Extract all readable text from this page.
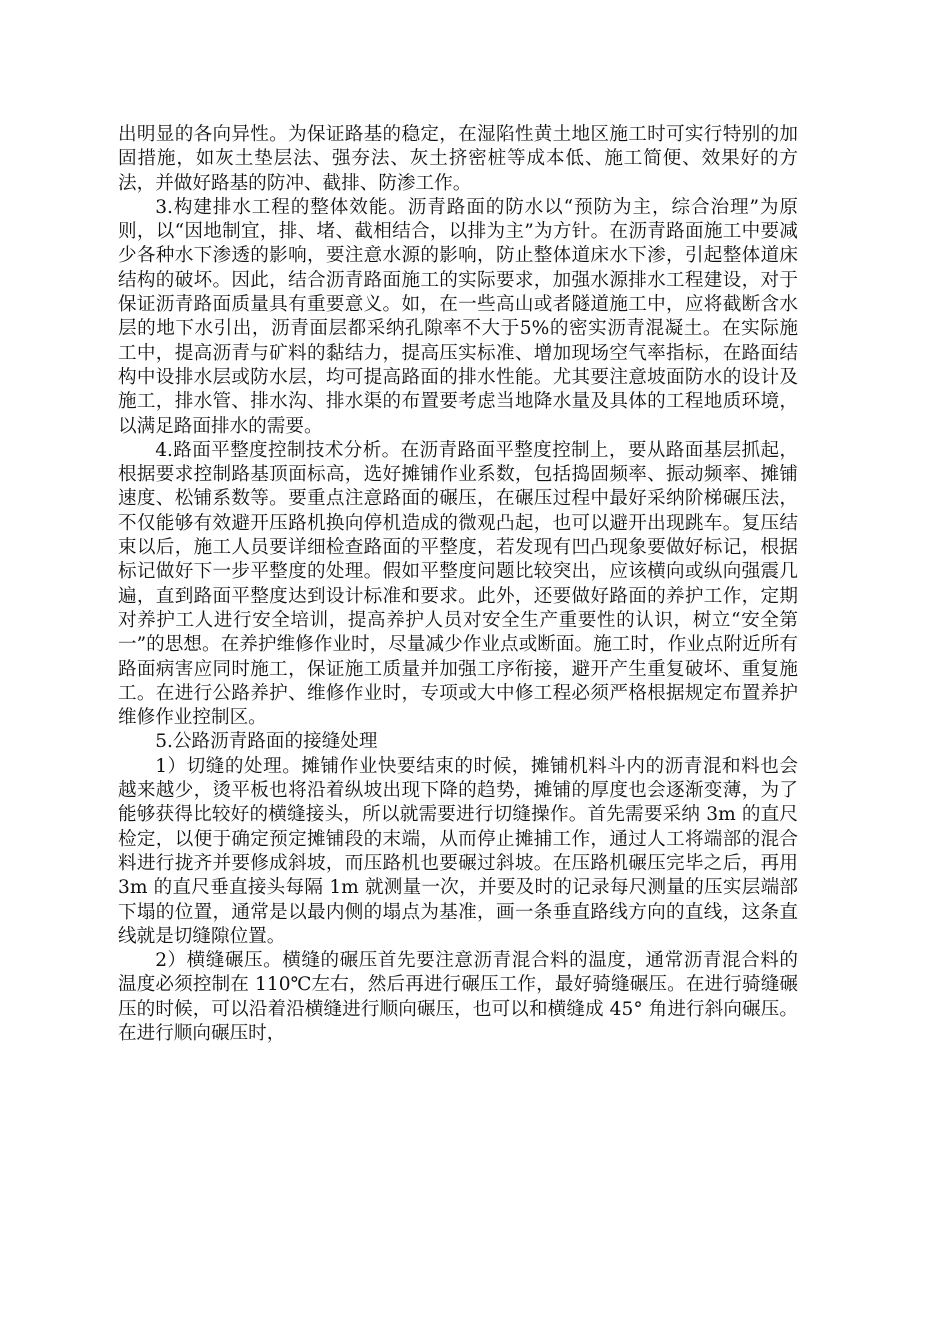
出明显的各向异性。为保证路基的稳定，在湿陷性黄土地区施工时可实行特别的加固措施，如灰土垫层法、强夯法、灰土挤密桩等成本低、施工简便、效果好的方法，并做好路基的防冲、截排、防渗工作。

3.构建排水工程的整体效能。沥青路面的防水以“预防为主，综合治理”为原则，以“因地制宜，排、堵、截相结合，以排为主”为方针。在沥青路面施工中要减少各种水下渗透的影响，要注意水源的影响，防止整体道床水下渗，引起整体道床结构的破坏。因此，结合沥青路面施工的实际要求，加强水源排水工程建设，对于保证沥青路面质量具有重要意义。如，在一些高山或者隧道施工中，应将截断含水层的地下水引出，沥青面层都采纳孔隙率不大于5%的密实沥青混凝土。在实际施工中，提高沥青与矿料的黏结力，提高压实标准、增加现场空气率指标，在路面结构中设排水层或防水层，均可提高路面的排水性能。尤其要注意坡面防水的设计及施工，排水管、排水沟、排水渠的布置要考虑当地降水量及具体的工程地质环境，以满足路面排水的需要。

4.路面平整度控制技术分析。在沥青路面平整度控制上，要从路面基层抓起，根据要求控制路基顶面标高，选好摊铺作业系数，包括捣固频率、振动频率、摊铺速度、松铺系数等。要重点注意路面的碾压，在碾压过程中最好采纳阶梯碾压法，不仅能够有效避开压路机换向停机造成的微观凸起，也可以避开出现跳车。复压结束以后，施工人员要详细检查路面的平整度，若发现有凹凸现象要做好标记，根据标记做好下一步平整度的处理。假如平整度问题比较突出，应该横向或纵向强震几遍，直到路面平整度达到设计标准和要求。此外，还要做好路面的养护工作，定期对养护工人进行安全培训，提高养护人员对安全生产重要性的认识，树立“安全第一”的思想。在养护维修作业时，尽量减少作业点或断面。施工时，作业点附近所有路面病害应同时施工，保证施工质量并加强工序衔接，避开产生重复破坏、重复施工。在进行公路养护、维修作业时，专项或大中修工程必须严格根据规定布置养护维修作业控制区。

5.公路沥青路面的接缝处理

1）切缝的处理。摊铺作业快要结束的时候，摊铺机料斗内的沥青混和料也会越来越少，烫平板也将沿着纵坡出现下降的趋势，摊铺的厚度也会逐渐变薄，为了能够获得比较好的横缝接头，所以就需要进行切缝操作。首先需要采纳 3m 的直尺检定，以便于确定预定摊铺段的末端，从而停止摊捕工作，通过人工将端部的混合料进行拢齐并要修成斜坡，而压路机也要碾过斜坡。在压路机碾压完毕之后，再用 3m 的直尺垂直接头每隔 1m 就测量一次，并要及时的记录每尺测量的压实层端部下塌的位置，通常是以最内侧的塌点为基准，画一条垂直路线方向的直线，这条直线就是切缝隙位置。

2）横缝碾压。横缝的碾压首先要注意沥青混合料的温度，通常沥青混合料的温度必须控制在 110℃左右，然后再进行碾压工作，最好骑缝碾压。在进行骑缝碾压的时候，可以沿着沿横缝进行顺向碾压，也可以和横缝成 45° 角进行斜向碾压。在进行顺向碾压时，
